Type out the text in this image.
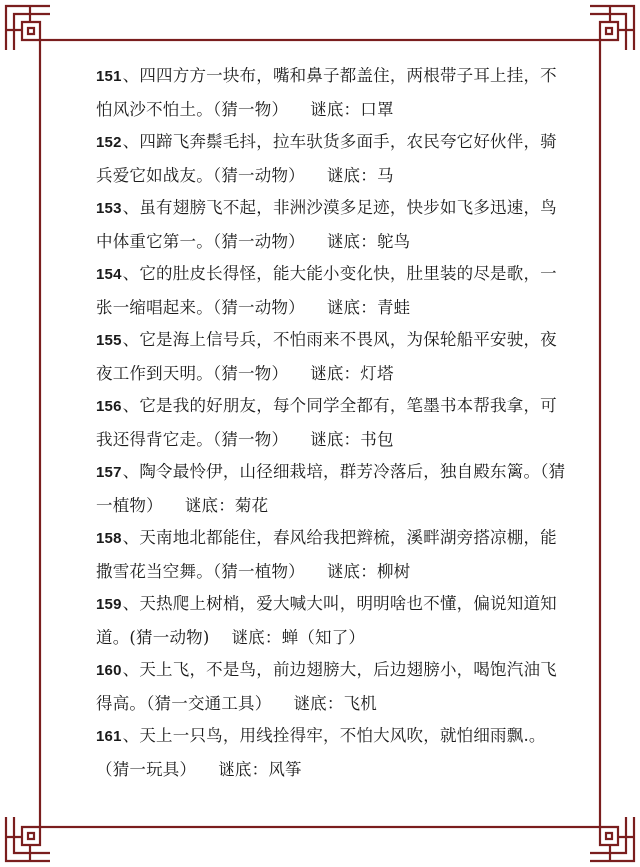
151、四四方方一块布，嘴和鼻子都盖住，两根带子耳上挂，不怕风沙不怕土。（猜一物） 谜底：口罩
152、四蹄飞奔鬃毛抖，拉车驮货多面手，农民夸它好伙伴，骑兵爱它如战友。（猜一动物） 谜底：马
153、虽有翅膀飞不起，非洲沙漠多足迹，快步如飞多迅速，鸟中体重它第一。（猜一动物） 谜底：鸵鸟
154、它的肚皮长得怪，能大能小变化快，肚里装的尽是歌，一张一缩唱起来。（猜一动物） 谜底：青蛙
155、它是海上信号兵，不怕雨来不畏风，为保轮船平安驶，夜夜工作到天明。（猜一物） 谜底：灯塔
156、它是我的好朋友，每个同学全都有，笔墨书本帮我拿，可我还得背它走。（猜一物） 谜底：书包
157、陶令最怜伊，山径细栽培，群芳冷落后，独自殿东篱。（猜一植物） 谜底：菊花
158、天南地北都能住，春风给我把辫梳，溪畔湖旁搭凉棚，能撒雪花当空舞。（猜一植物） 谜底：柳树
159、天热爬上树梢，爱大喊大叫，明明啥也不懂，偏说知道知道。(猜一动物) 谜底：蝉（知了）
160、天上飞，不是鸟，前边翅膀大，后边翅膀小，喝饱汽油飞得高。（猜一交通工具） 谜底：飞机
161、天上一只鸟，用线拴得牢，不怕大风吹，就怕细雨飘.。（猜一玩具） 谜底：风筝
